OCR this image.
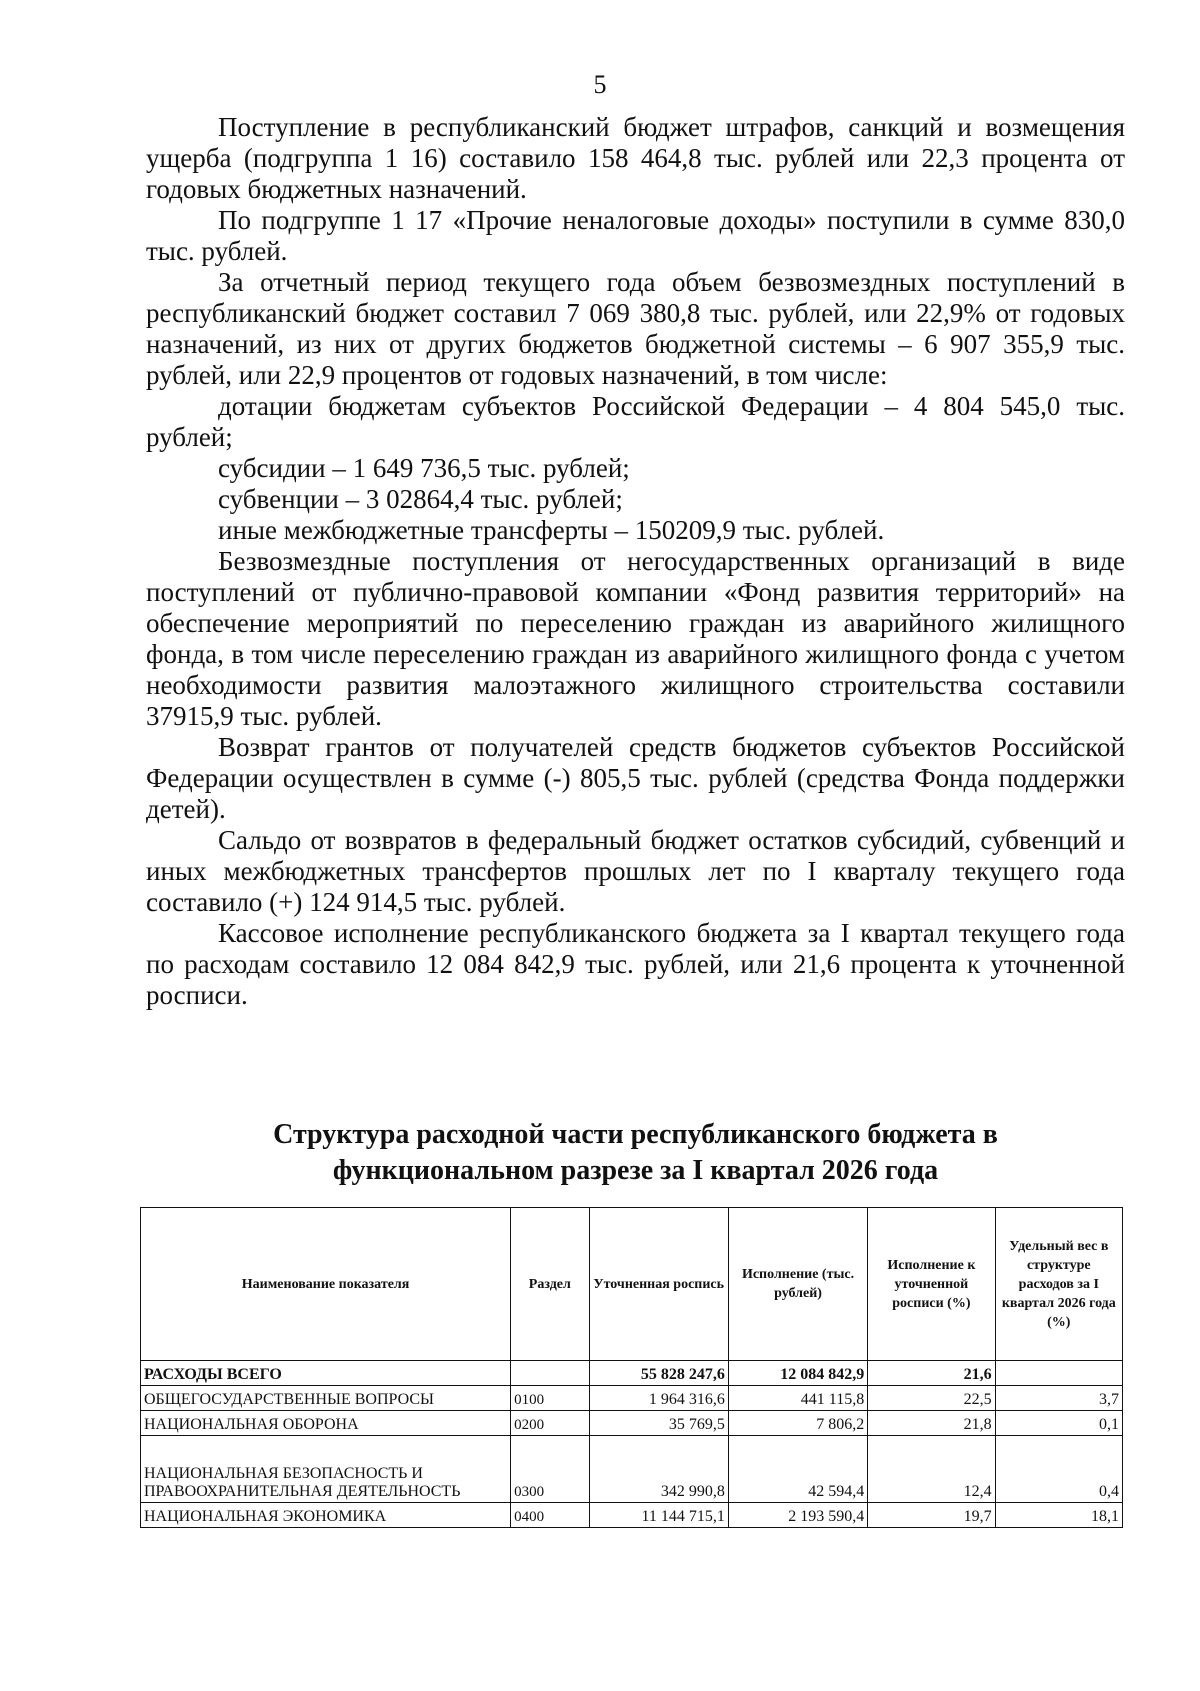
5

Поступление в республиканский бюджет штрафов, санкций и возмещения ущерба (подгруппа 1 16) составило 158 464,8 тыс. рублей или 22,3 процента от годовых бюджетных назначений.

По подгруппе 1 17 «Прочие неналоговые доходы» поступили в сумме 830,0 тыс. рублей.

За отчетный период текущего года объем безвозмездных поступлений в республиканский бюджет составил 7 069 380,8 тыс. рублей, или 22,9% от годовых назначений, из них от других бюджетов бюджетной системы – 6 907 355,9 тыс. рублей, или 22,9 процентов от годовых назначений, в том числе:

дотации бюджетам субъектов Российской Федерации – 4 804 545,0 тыс. рублей;

субсидии – 1 649 736,5 тыс. рублей;

субвенции – 3 02864,4 тыс. рублей;

иные межбюджетные трансферты – 150209,9 тыс. рублей.

Безвозмездные поступления от негосударственных организаций в виде поступлений от публично-правовой компании «Фонд развития территорий» на обеспечение мероприятий по переселению граждан из аварийного жилищного фонда, в том числе переселению граждан из аварийного жилищного фонда с учетом необходимости развития малоэтажного жилищного строительства составили 37915,9 тыс. рублей.

Возврат грантов от получателей средств бюджетов субъектов Российской Федерации осуществлен в сумме (-) 805,5 тыс. рублей (средства Фонда поддержки детей).

Сальдо от возвратов в федеральный бюджет остатков субсидий, субвенций и иных межбюджетных трансфертов прошлых лет по I кварталу текущего года составило (+) 124 914,5 тыс. рублей.

Кассовое исполнение республиканского бюджета за I квартал текущего года по расходам составило 12 084 842,9 тыс. рублей, или 21,6 процента к уточненной росписи.

Структура расходной части республиканского бюджета в
функциональном разрезе за I квартал 2026 года
Наименование показателя	Раздел	Уточненная роспись	Исполнение (тыс. рублей)	Исполнение к уточненной росписи (%)	Удельный вес в структуре расходов за I квартал 2026 года (%)
РАСХОДЫ ВСЕГО		55 828 247,6	12 084 842,9	21,6	
ОБЩЕГОСУДАРСТВЕННЫЕ ВОПРОСЫ	0100	1 964 316,6	441 115,8	22,5	3,7
НАЦИОНАЛЬНАЯ ОБОРОНА	0200	35 769,5	7 806,2	21,8	0,1
НАЦИОНАЛЬНАЯ БЕЗОПАСНОСТЬ И ПРАВООХРАНИТЕЛЬНАЯ ДЕЯТЕЛЬНОСТЬ	0300	342 990,8	42 594,4	12,4	0,4
НАЦИОНАЛЬНАЯ ЭКОНОМИКА	0400	11 144 715,1	2 193 590,4	19,7	18,1
